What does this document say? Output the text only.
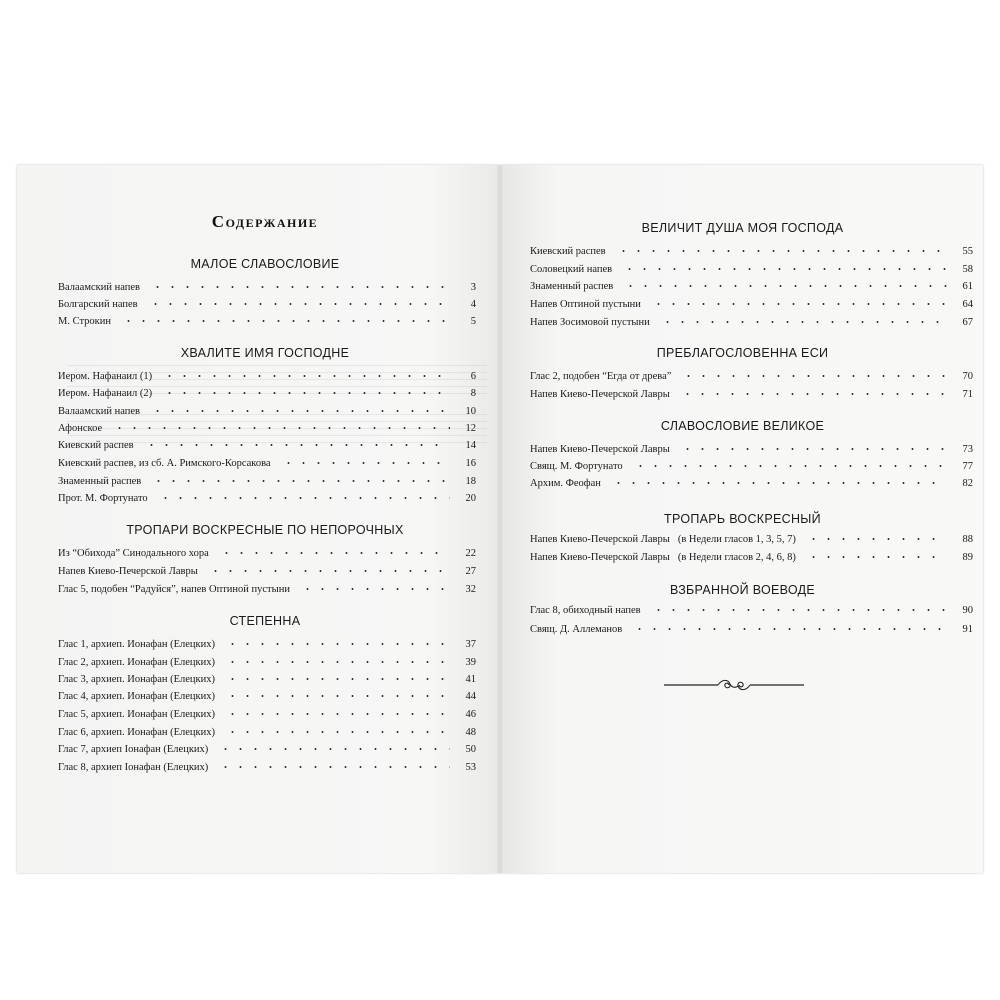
Содержание
МАЛОЕ СЛАВОСЛОВИЕ
Валаамский напев	3
Болгарский напев	4
М. Строкин	5
ХВАЛИТЕ ИМЯ ГОСПОДНЕ
Иером. Нафанаил (1)	6
Иером. Нафанаил (2)	8
Валаамский напев	10
Афонское	12
Киевский распев	14
Киевский распев, из сб. А. Римского-Корсакова	16
Знаменный распев	18
Прот. М. Фортунато	20
ТРОПАРИ ВОСКРЕСНЫЕ ПО НЕПОРОЧНЫХ
Из “Обихода” Синодального хора	22
Напев Киево-Печерской Лавры	27
Глас 5, подобен “Радуйся”, напев Оптиной пустыни	32
СТЕПЕННА
Глас 1, архиеп. Ионафан (Елецких)	37
Глас 2, архиеп. Ионафан (Елецких)	39
Глас 3, архиеп. Ионафан (Елецких)	41
Глас 4, архиеп. Ионафан (Елецких)	44
Глас 5, архиеп. Ионафан (Елецких)	46
Глас 6, архиеп. Ионафан (Елецких)	48
Глас 7, архиеп Іонафан (Елецких)	50
Глас 8, архиеп Іонафан (Елецких)	53
ВЕЛИЧИТ ДУША МОЯ ГОСПОДА
Киевский распев	55
Соловецкий напев	58
Знаменный распев	61
Напев Оптиной пустыни	64
Напев Зосимовой пустыни	67
ПРЕБЛАГОСЛОВЕННА ЕСИ
Глас 2, подобен “Егда от древа”	70
Напев Киево-Печерской Лавры	71
СЛАВОСЛОВИЕ ВЕЛИКОЕ
Напев Киево-Печерской Лавры	73
Свящ. М. Фортунато	77
Архим. Феофан	82
ТРОПАРЬ ВОСКРЕСНЫЙ
Напев Киево-Печерской Лавры (в Недели гласов 1, 3, 5, 7)	88
Напев Киево-Печерской Лавры (в Недели гласов 2, 4, 6, 8)	89
ВЗБРАННОЙ ВОЕВОДЕ
Глас 8, обиходный напев	90
Свящ. Д. Аллеманов	91
